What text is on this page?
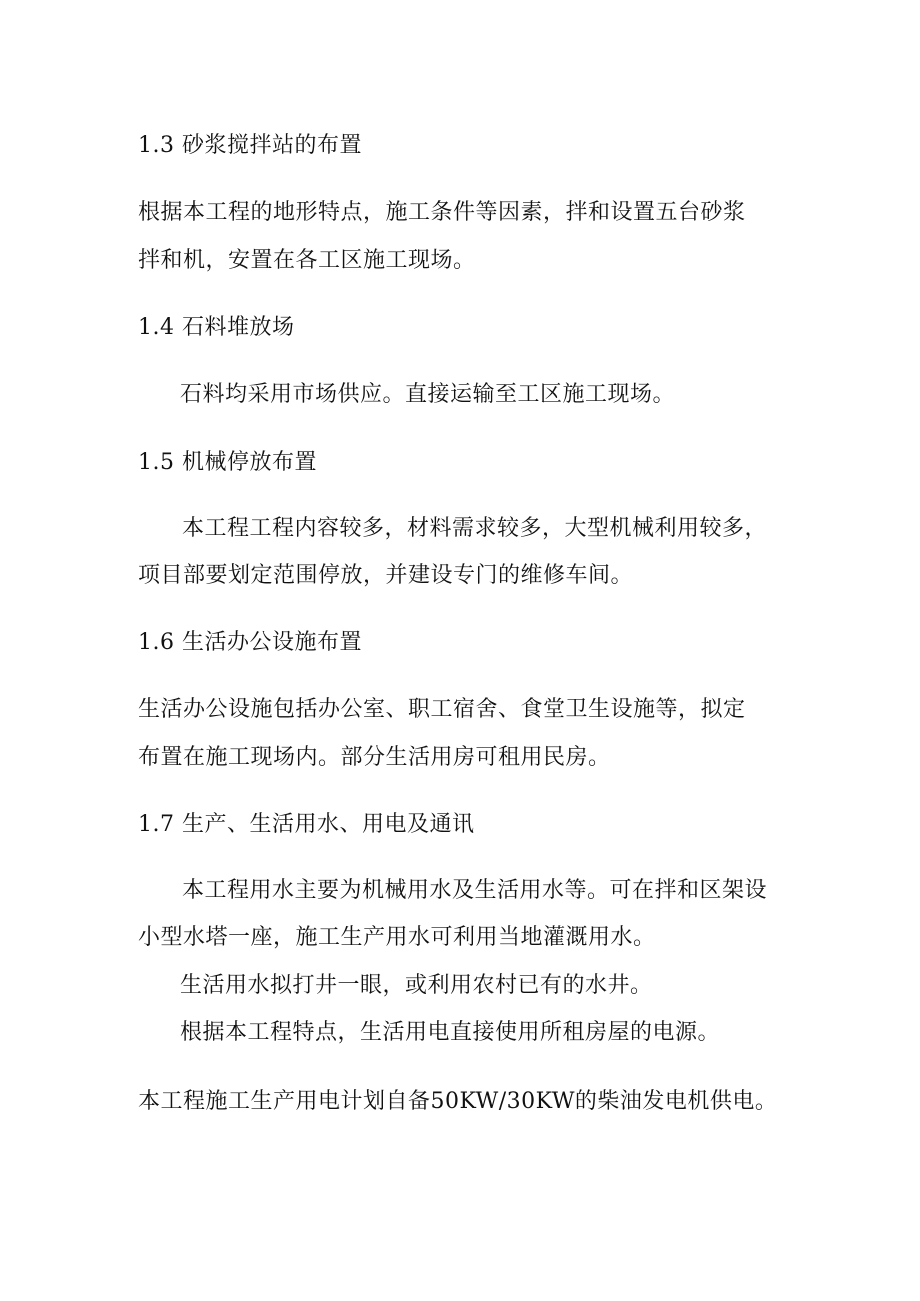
1.3 砂浆搅拌站的布置
根据本工程的地形特点，施工条件等因素，拌和设置五台砂浆
拌和机，安置在各工区施工现场。
1.4 石料堆放场
石料均采用市场供应。直接运输至工区施工现场。
1.5 机械停放布置
本工程工程内容较多，材料需求较多，大型机械利用较多，
项目部要划定范围停放，并建设专门的维修车间。
1.6 生活办公设施布置
生活办公设施包括办公室、职工宿舍、食堂卫生设施等，拟定
布置在施工现场内。部分生活用房可租用民房。
1.7 生产、生活用水、用电及通讯
本工程用水主要为机械用水及生活用水等。可在拌和区架设
小型水塔一座，施工生产用水可利用当地灌溉用水。
生活用水拟打井一眼，或利用农村已有的水井。
根据本工程特点，生活用电直接使用所租房屋的电源。
本工程施工生产用电计划自备50KW/30KW的柴油发电机供电。
